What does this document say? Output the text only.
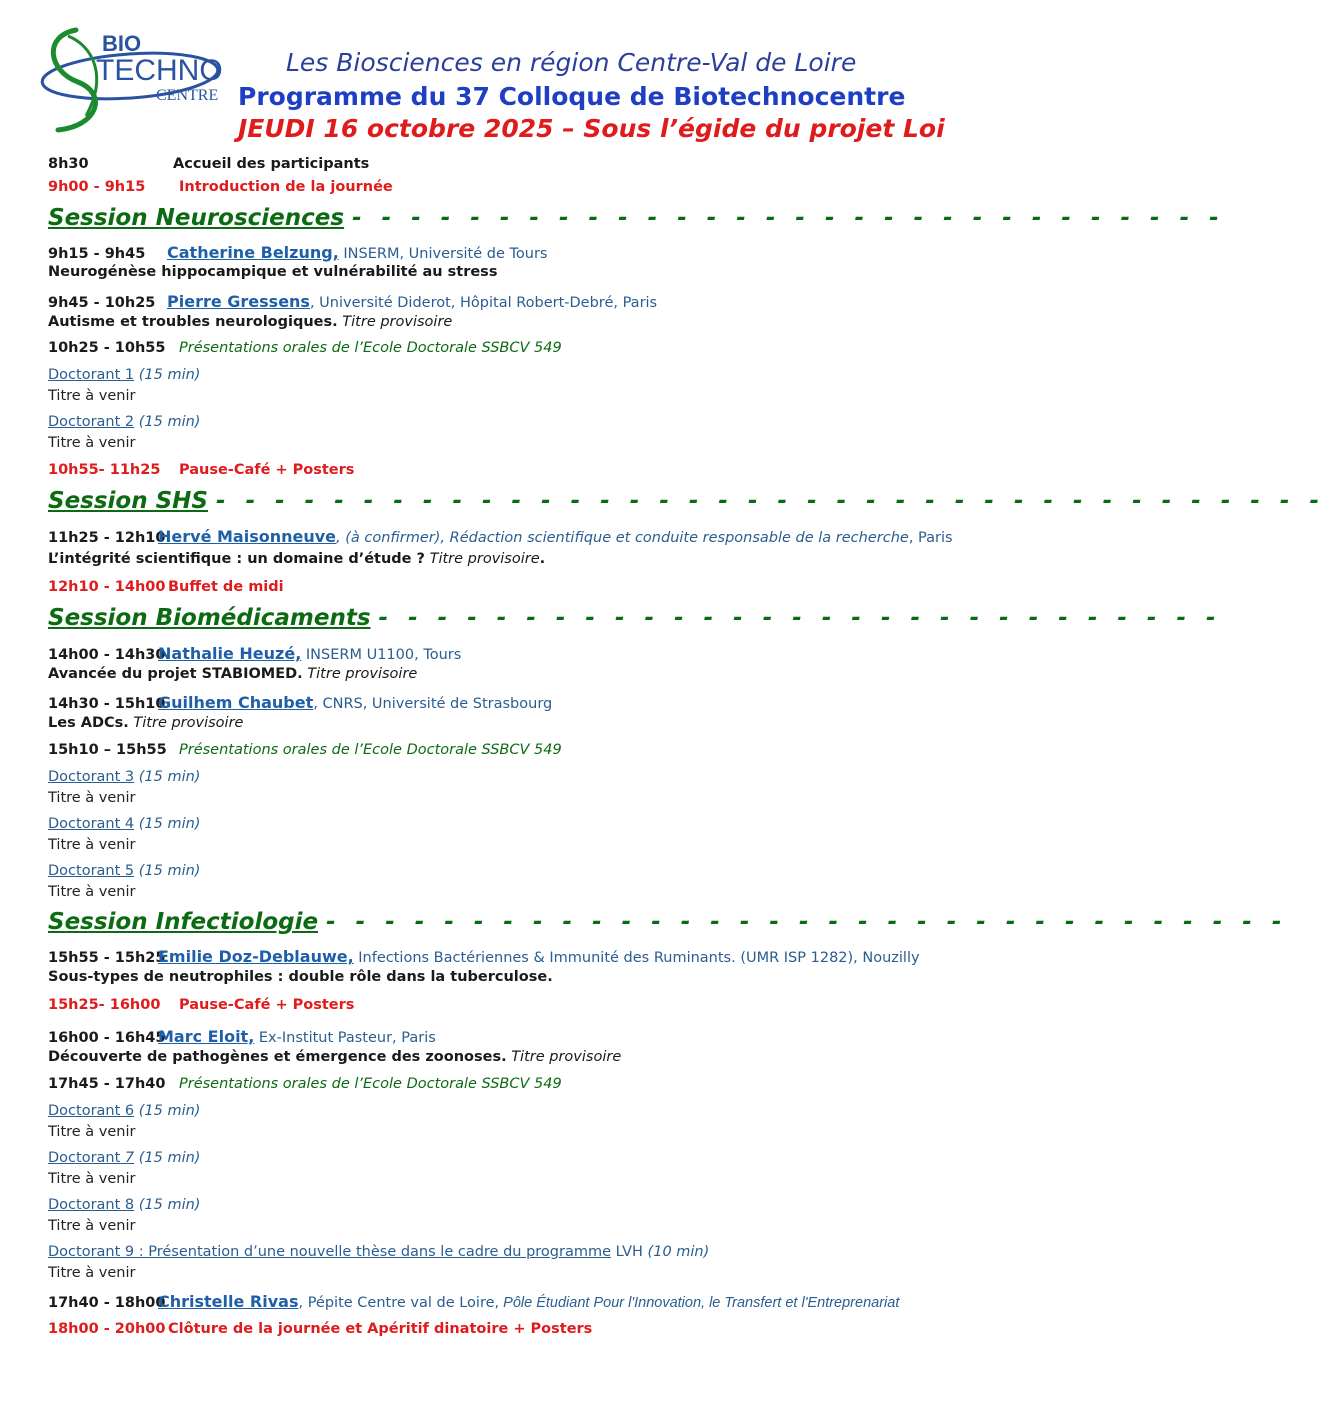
BIO
TECHNO
CENTRE
Les Biosciences en région Centre-Val de Loire
Programme du 37 Colloque de Biotechnocentre
JEUDI 16 octobre 2025 – Sous l’égide du projet Loi
8h30	Accueil des participants
9h00 - 9h15 Introduction de la journée
Session Neurosciences - - - - - - - - - - - - - - - - - - - - - - - - - - - - - -
9h15 - 9h45 Catherine Belzung, INSERM, Université de Tours
Neurogénèse hippocampique et vulnérabilité au stress
9h45 - 10h25 Pierre Gressens, Université Diderot, Hôpital Robert-Debré, Paris
Autisme et troubles neurologiques. Titre provisoire
10h25 - 10h55 Présentations orales de l’Ecole Doctorale SSBCV 549
Doctorant 1 (15 min)
Titre à venir
Doctorant 2 (15 min)
Titre à venir
10h55- 11h25 Pause-Café + Posters
Session SHS - - - - - - - - - - - - - - - - - - - - - - - - - - - - - - - - - - - - - -
11h25 - 12h10Hervé Maisonneuve, (à confirmer), Rédaction scientifique et conduite responsable de la recherche, Paris
L’intégrité scientifique : un domaine d’étude ? Titre provisoire.
12h10 - 14h00 Buffet de midi
Session Biomédicaments - - - - - - - - - - - - - - - - - - - - - - - - - - - - -
14h00 - 14h30Nathalie Heuzé, INSERM U1100, Tours
Avancée du projet STABIOMED. Titre provisoire
14h30 - 15h10Guilhem Chaubet, CNRS, Université de Strasbourg
Les ADCs. Titre provisoire
15h10 – 15h55 Présentations orales de l’Ecole Doctorale SSBCV 549
Doctorant 3 (15 min)
Titre à venir
Doctorant 4 (15 min)
Titre à venir
Doctorant 5 (15 min)
Titre à venir
Session Infectiologie - - - - - - - - - - - - - - - - - - - - - - - - - - - - - - - - -
15h55 - 15h25Emilie Doz-Deblauwe, Infections Bactériennes & Immunité des Ruminants. (UMR ISP 1282), Nouzilly
Sous-types de neutrophiles : double rôle dans la tuberculose.
15h25- 16h00 Pause-Café + Posters
16h00 - 16h45Marc Eloit, Ex-Institut Pasteur, Paris
Découverte de pathogènes et émergence des zoonoses. Titre provisoire
17h45 - 17h40 Présentations orales de l’Ecole Doctorale SSBCV 549
Doctorant 6 (15 min)
Titre à venir
Doctorant 7 (15 min)
Titre à venir
Doctorant 8 (15 min)
Titre à venir
Doctorant 9 : Présentation d’une nouvelle thèse dans le cadre du programme LVH (10 min)
Titre à venir
17h40 - 18h00Christelle Rivas, Pépite Centre val de Loire, Pôle Étudiant Pour l'Innovation, le Transfert et l'Entreprenariat
18h00 - 20h00 Clôture de la journée et Apéritif dinatoire + Posters
